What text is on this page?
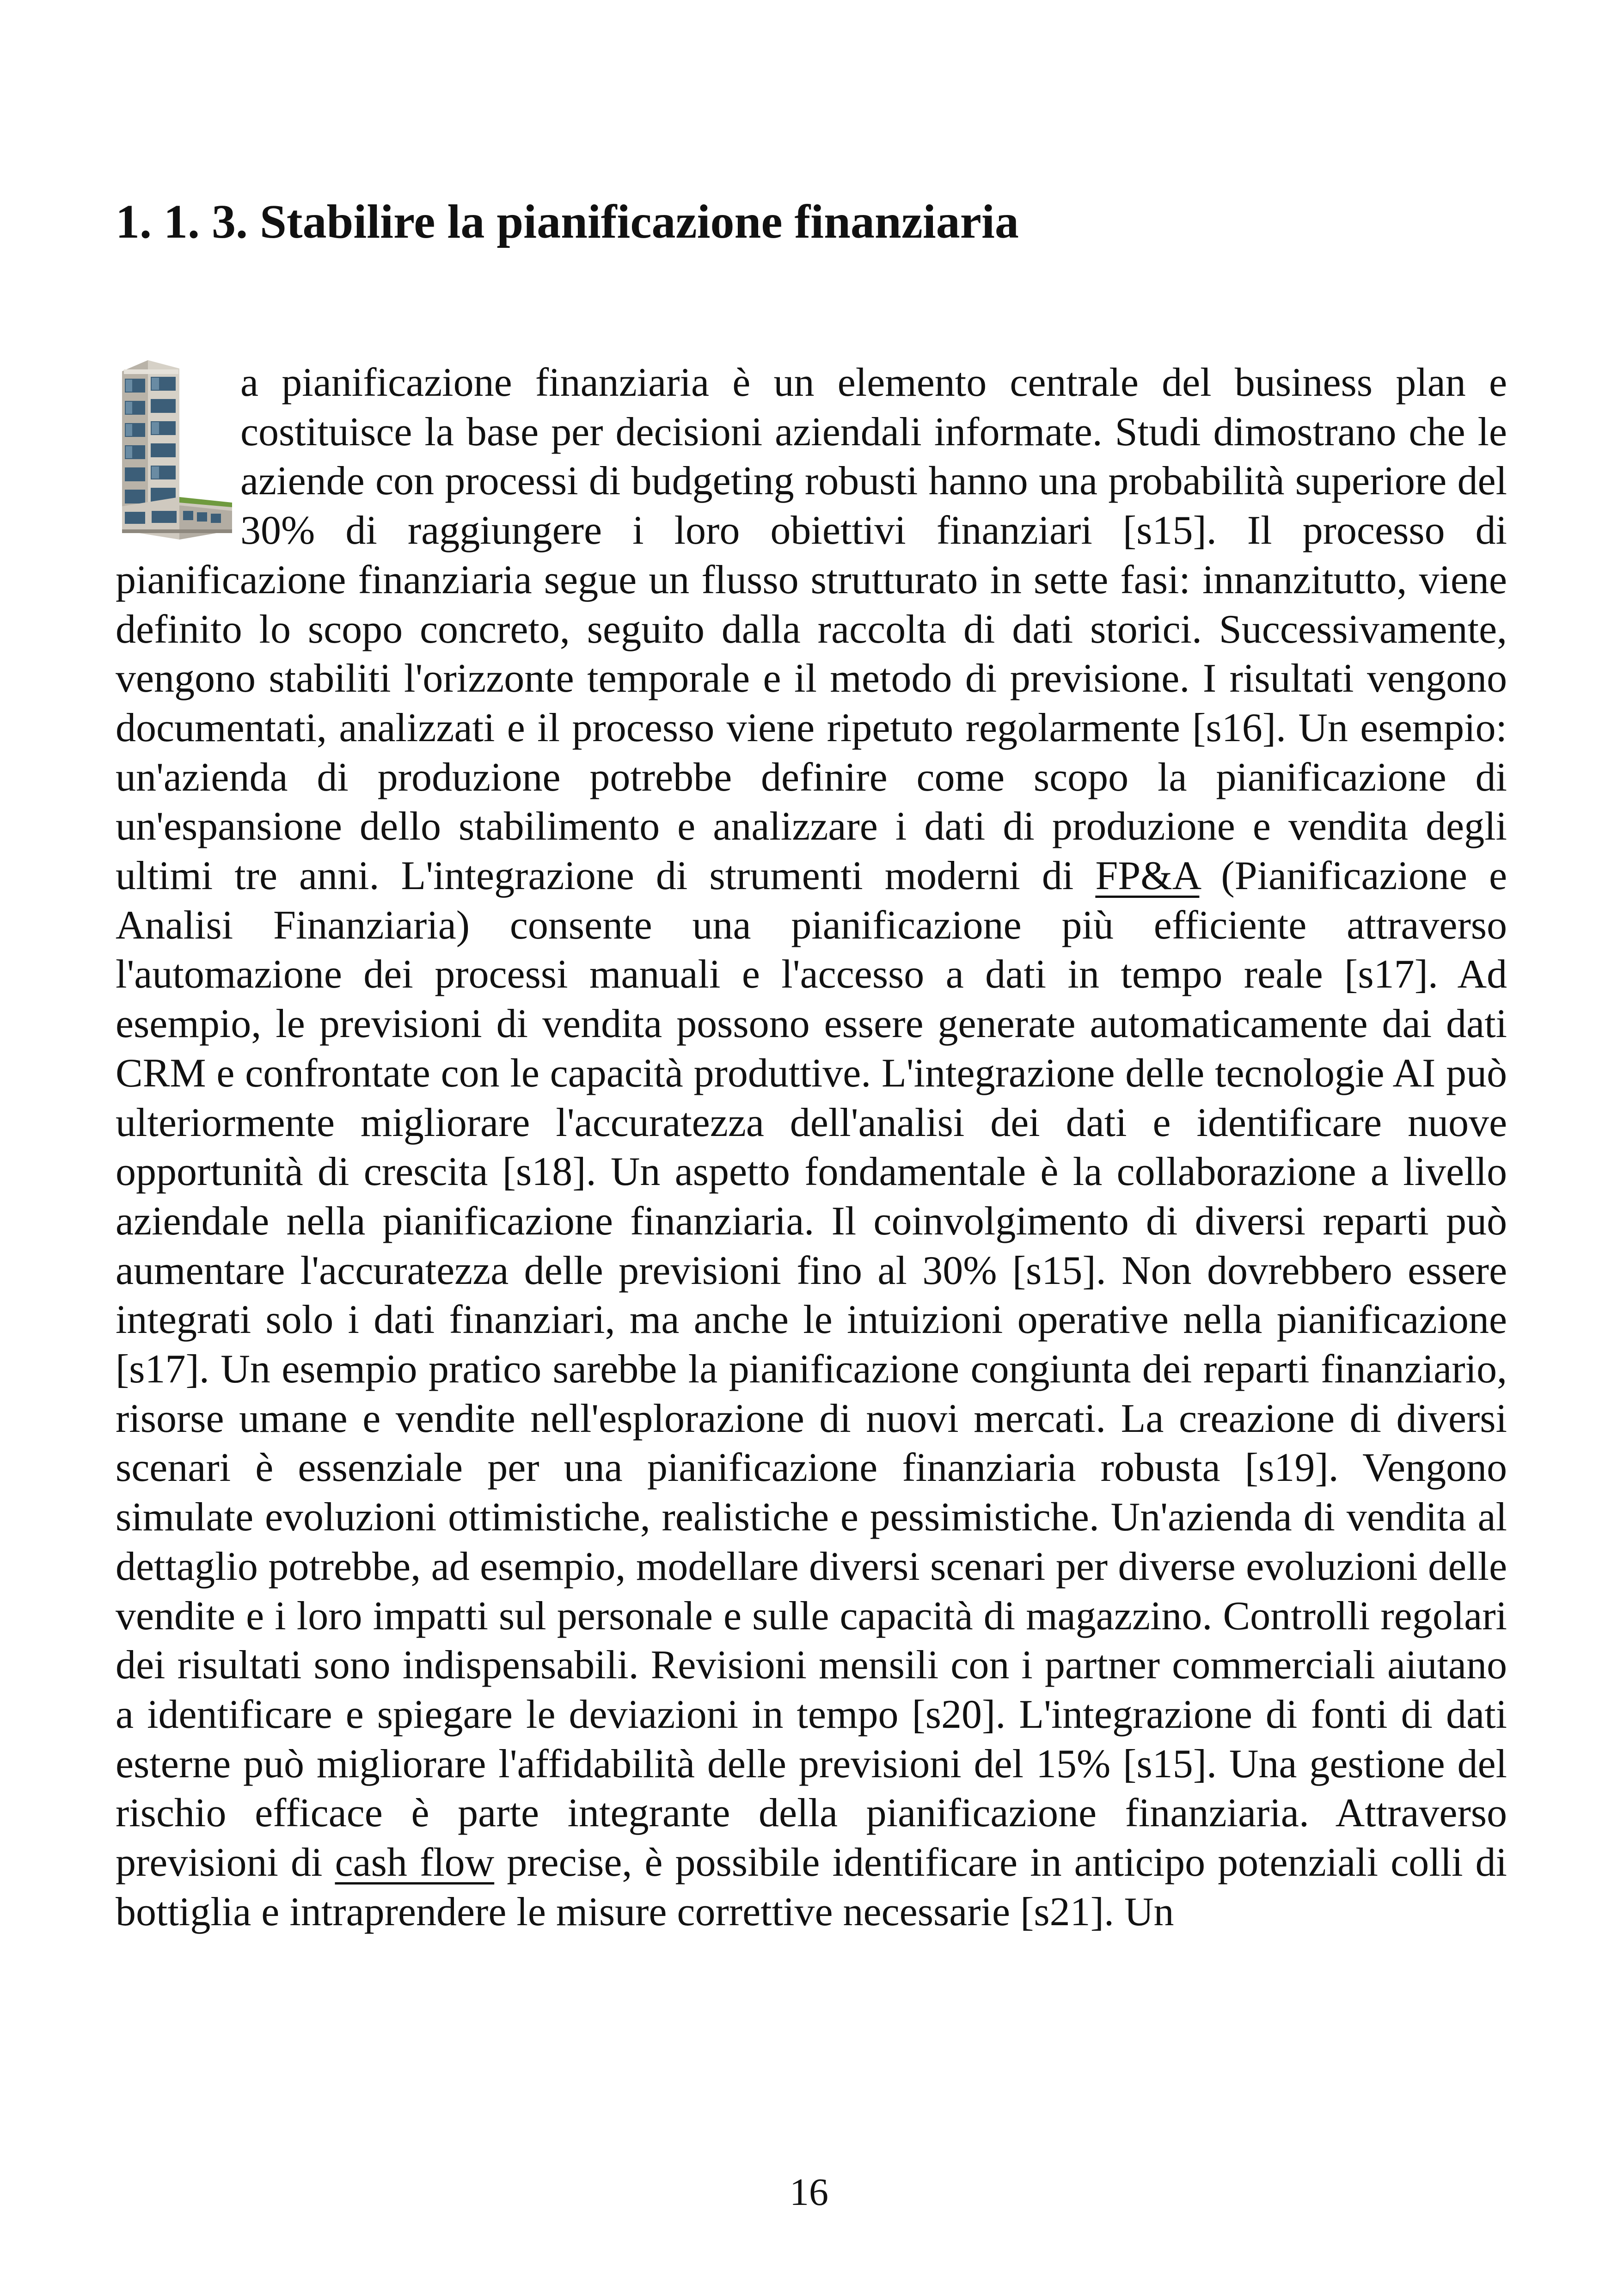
1. 1. 3. Stabilire la pianificazione finanziaria

a pianificazione finanziaria è un elemento centrale del business plan e costituisce la base per decisioni aziendali informate. Studi dimostrano che le aziende con processi di budgeting robusti hanno una probabilità superiore del 30% di raggiungere i loro obiettivi finanziari [s15]. Il processo di pianificazione finanziaria segue un flusso strutturato in sette fasi: innanzitutto, viene definito lo scopo concreto, seguito dalla raccolta di dati storici. Successivamente, vengono stabiliti l'orizzonte temporale e il metodo di previsione. I risultati vengono documentati, analizzati e il processo viene ripetuto regolarmente [s16]. Un esempio: un'azienda di produzione potrebbe definire come scopo la pianificazione di un'espansione dello stabilimento e analizzare i dati di produzione e vendita degli ultimi tre anni. L'integrazione di strumenti moderni di FP&A (Pianificazione e Analisi Finanziaria) consente una pianificazione più efficiente attraverso l'automazione dei processi manuali e l'accesso a dati in tempo reale [s17]. Ad esempio, le previsioni di vendita possono essere generate automaticamente dai dati CRM e confrontate con le capacità produttive. L'integrazione delle tecnologie AI può ulteriormente migliorare l'accuratezza dell'analisi dei dati e identificare nuove opportunità di crescita [s18]. Un aspetto fondamentale è la collaborazione a livello aziendale nella pianificazione finanziaria. Il coinvolgimento di diversi reparti può aumentare l'accuratezza delle previsioni fino al 30% [s15]. Non dovrebbero essere integrati solo i dati finanziari, ma anche le intuizioni operative nella pianificazione [s17]. Un esempio pratico sarebbe la pianificazione congiunta dei reparti finanziario, risorse umane e vendite nell'esplorazione di nuovi mercati. La creazione di diversi scenari è essenziale per una pianificazione finanziaria robusta [s19]. Vengono simulate evoluzioni ottimistiche, realistiche e pessimistiche. Un'azienda di vendita al dettaglio potrebbe, ad esempio, modellare diversi scenari per diverse evoluzioni delle vendite e i loro impatti sul personale e sulle capacità di magazzino. Controlli regolari dei risultati sono indispensabili. Revisioni mensili con i partner commerciali aiutano a identificare e spiegare le deviazioni in tempo [s20]. L'integrazione di fonti di dati esterne può migliorare l'affidabilità delle previsioni del 15% [s15]. Una gestione del rischio efficace è parte integrante della pianificazione finanziaria. Attraverso previsioni di cash flow precise, è possibile identificare in anticipo potenziali colli di bottiglia e intraprendere le misure correttive necessarie [s21]. Un

16
